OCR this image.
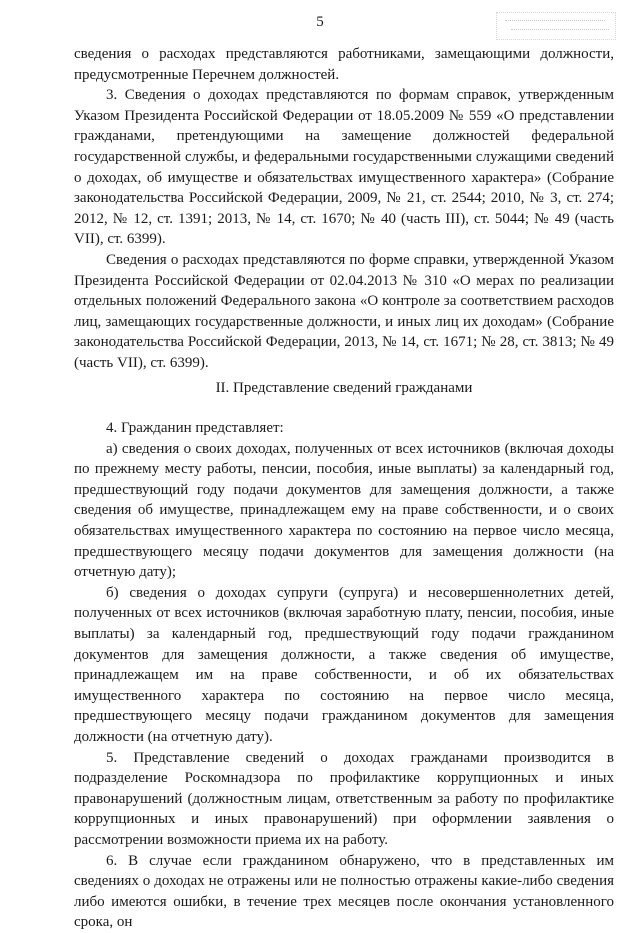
5

сведения о расходах представляются работниками, замещающими должности, предусмотренные Перечнем должностей.

3. Сведения о доходах представляются по формам справок, утвержденным Указом Президента Российской Федерации от 18.05.2009 № 559 «О представлении гражданами, претендующими на замещение должностей федеральной государственной службы, и федеральными государственными служащими сведений о доходах, об имуществе и обязательствах имущественного характера» (Собрание законодательства Российской Федерации, 2009, № 21, ст. 2544; 2010, № 3, ст. 274; 2012, № 12, ст. 1391; 2013, № 14, ст. 1670; № 40 (часть III), ст. 5044; № 49 (часть VII), ст. 6399).

Сведения о расходах представляются по форме справки, утвержденной Указом Президента Российской Федерации от 02.04.2013 № 310 «О мерах по реализации отдельных положений Федерального закона «О контроле за соответствием расходов лиц, замещающих государственные должности, и иных лиц их доходам» (Собрание законодательства Российской Федерации, 2013, № 14, ст. 1671; № 28, ст. 3813; № 49 (часть VII), ст. 6399).

II. Представление сведений гражданами

4. Гражданин представляет:

а) сведения о своих доходах, полученных от всех источников (включая доходы по прежнему месту работы, пенсии, пособия, иные выплаты) за календарный год, предшествующий году подачи документов для замещения должности, а также сведения об имуществе, принадлежащем ему на праве собственности, и о своих обязательствах имущественного характера по состоянию на первое число месяца, предшествующего месяцу подачи документов для замещения должности (на отчетную дату);

б) сведения о доходах супруги (супруга) и несовершеннолетних детей, полученных от всех источников (включая заработную плату, пенсии, пособия, иные выплаты) за календарный год, предшествующий году подачи гражданином документов для замещения должности, а также сведения об имуществе, принадлежащем им на праве собственности, и об их обязательствах имущественного характера по состоянию на первое число месяца, предшествующего месяцу подачи гражданином документов для замещения должности (на отчетную дату).

5. Представление сведений о доходах гражданами производится в подразделение Роскомнадзора по профилактике коррупционных и иных правонарушений (должностным лицам, ответственным за работу по профилактике коррупционных и иных правонарушений) при оформлении заявления о рассмотрении возможности приема их на работу.

6. В случае если гражданином обнаружено, что в представленных им сведениях о доходах не отражены или не полностью отражены какие-либо сведения либо имеются ошибки, в течение трех месяцев после окончания установленного срока, он
